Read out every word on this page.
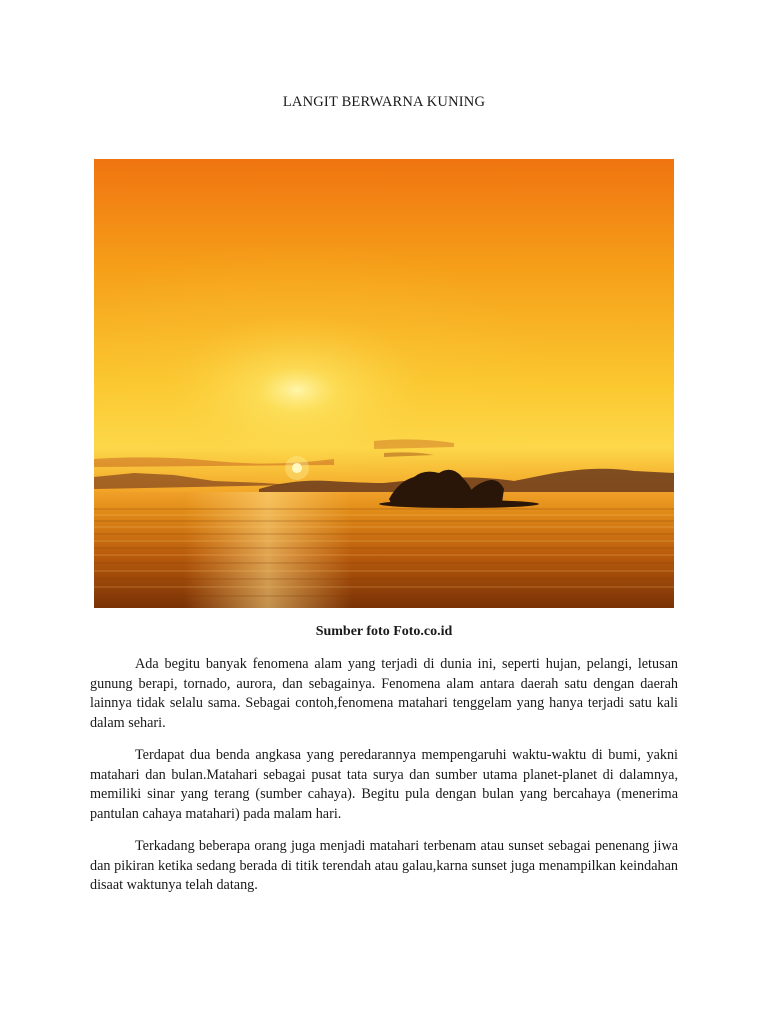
LANGIT BERWARNA KUNING
Sumber foto Foto.co.id

Ada begitu banyak fenomena alam yang terjadi di dunia ini, seperti hujan, pelangi, letusan gunung berapi, tornado, aurora, dan sebagainya. Fenomena alam antara daerah satu dengan daerah lainnya tidak selalu sama. Sebagai contoh,fenomena matahari tenggelam yang hanya terjadi satu kali dalam sehari.

Terdapat dua benda angkasa yang peredarannya mempengaruhi waktu-waktu di bumi, yakni matahari dan bulan.Matahari sebagai pusat tata surya dan sumber utama planet-planet di dalamnya, memiliki sinar yang terang (sumber cahaya). Begitu pula dengan bulan yang bercahaya (menerima pantulan cahaya matahari) pada malam hari.

Terkadang beberapa orang juga menjadi matahari terbenam atau sunset sebagai penenang jiwa dan pikiran ketika sedang berada di titik terendah atau galau,karna sunset juga menampilkan keindahan disaat waktunya telah datang.
